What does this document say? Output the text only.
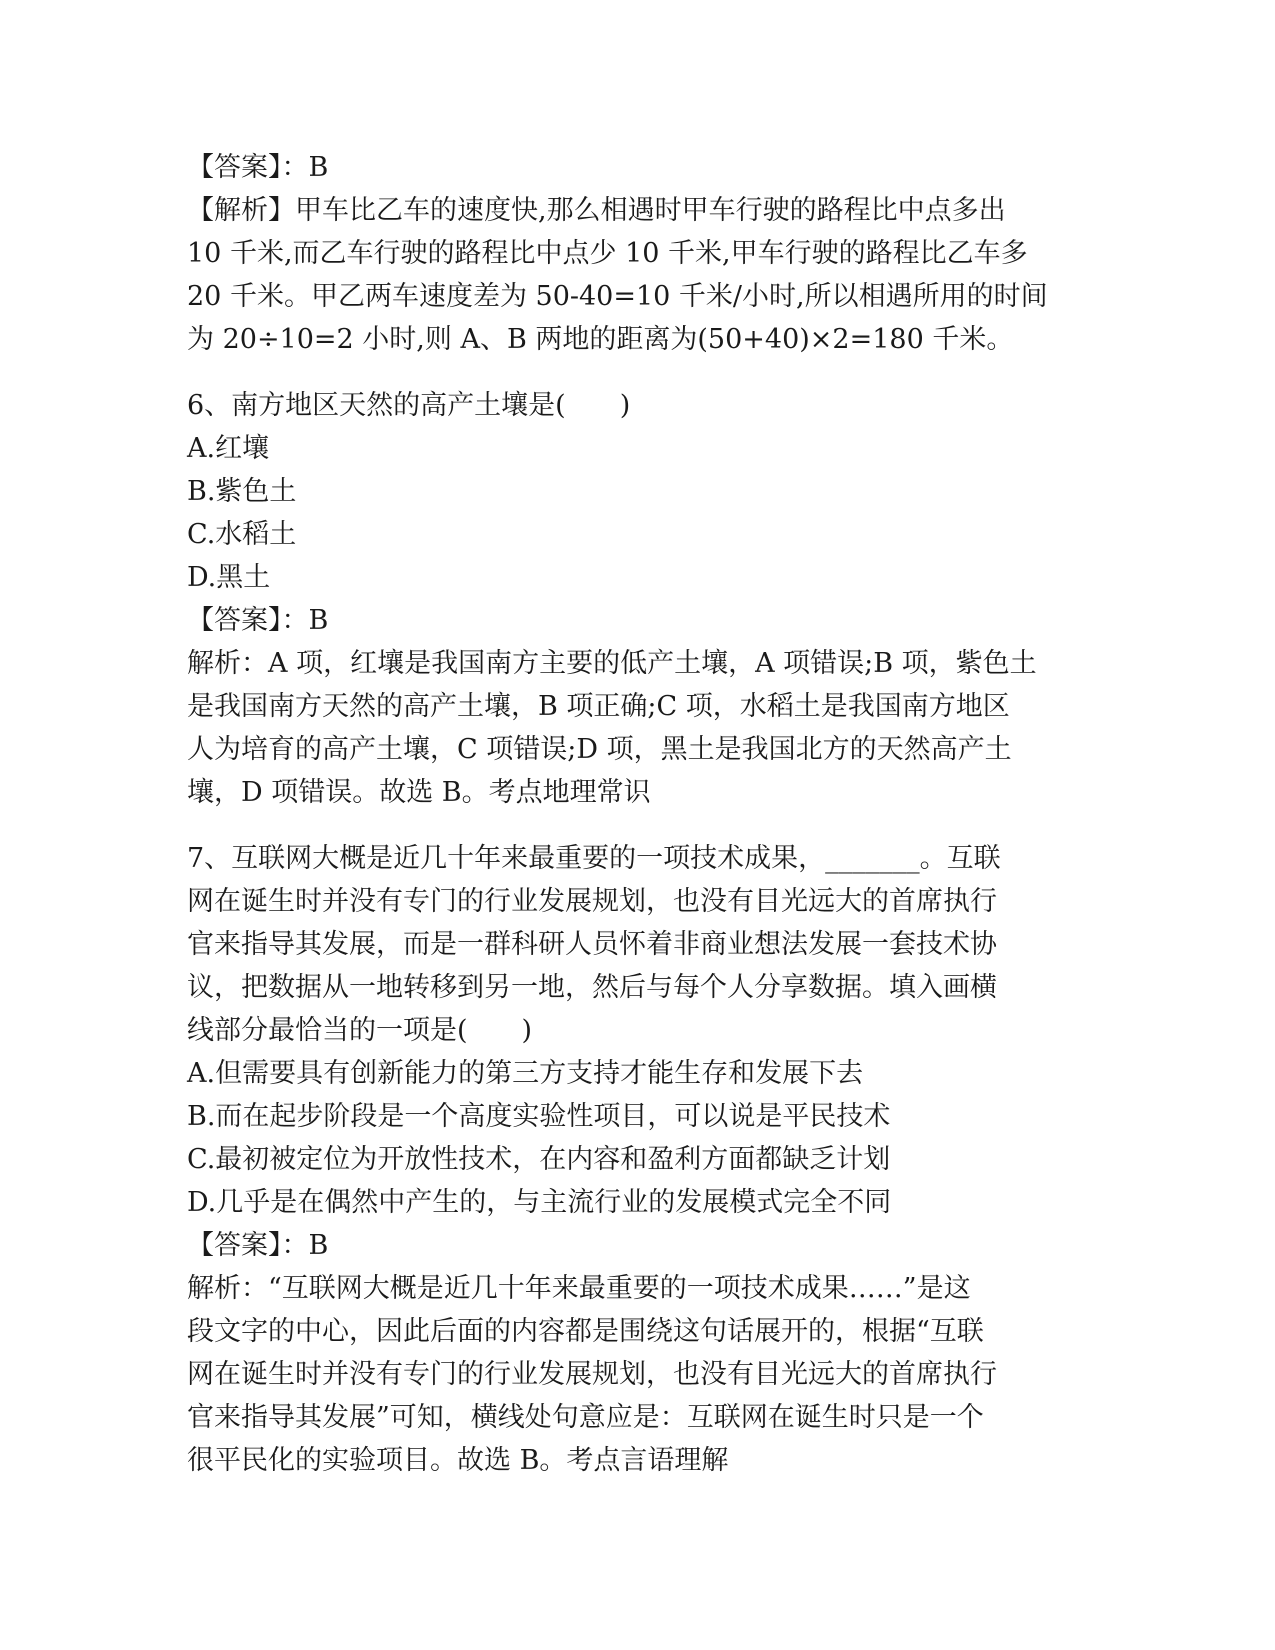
【答案】：B
【解析】甲车比乙车的速度快,那么相遇时甲车行驶的路程比中点多出
10 千米,而乙车行驶的路程比中点少 10 千米,甲车行驶的路程比乙车多
20 千米。甲乙两车速度差为 50-40=10 千米/小时,所以相遇所用的时间
为 20÷10=2 小时,则 A、B 两地的距离为(50+40)×2=180 千米。
6、南方地区天然的高产土壤是(　　)
A.红壤
B.紫色土
C.水稻土
D.黑土
【答案】：B
解析：A 项，红壤是我国南方主要的低产土壤，A 项错误;B 项，紫色土
是我国南方天然的高产土壤，B 项正确;C 项，水稻土是我国南方地区
人为培育的高产土壤，C 项错误;D 项，黑土是我国北方的天然高产土
壤，D 项错误。故选 B。考点地理常识
7、互联网大概是近几十年来最重要的一项技术成果，_______。互联
网在诞生时并没有专门的行业发展规划，也没有目光远大的首席执行
官来指导其发展，而是一群科研人员怀着非商业想法发展一套技术协
议，把数据从一地转移到另一地，然后与每个人分享数据。填入画横
线部分最恰当的一项是(　　)
A.但需要具有创新能力的第三方支持才能生存和发展下去
B.而在起步阶段是一个高度实验性项目，可以说是平民技术
C.最初被定位为开放性技术，在内容和盈利方面都缺乏计划
D.几乎是在偶然中产生的，与主流行业的发展模式完全不同
【答案】：B
解析：“互联网大概是近几十年来最重要的一项技术成果……”是这
段文字的中心，因此后面的内容都是围绕这句话展开的，根据“互联
网在诞生时并没有专门的行业发展规划，也没有目光远大的首席执行
官来指导其发展”可知，横线处句意应是：互联网在诞生时只是一个
很平民化的实验项目。故选 B。考点言语理解
